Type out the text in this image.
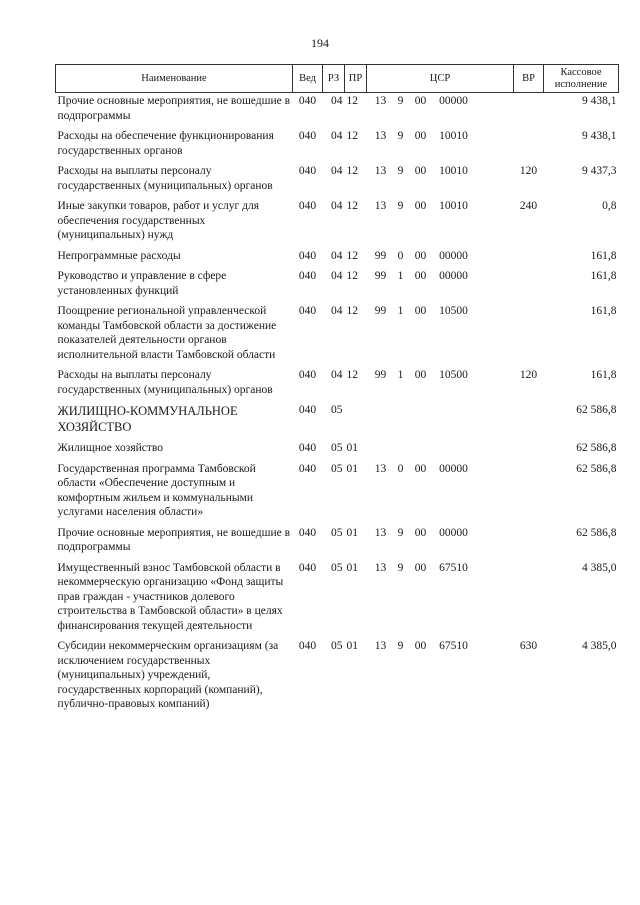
194
Наименование	Вед	РЗ	ПР	ЦСР	ВР	Кассовое исполнение
Прочие основные мероприятия, не вошедшие в подпрограммы	040	04	12	13 9 00 00000		9 438,1
Расходы на обеспечение функционирования государственных органов	040	04	12	13 9 00 10010		9 438,1
Расходы на выплаты персоналу государственных (муниципальных) органов	040	04	12	13 9 00 10010	120	9 437,3
Иные закупки товаров, работ и услуг для обеспечения государственных (муниципальных) нужд	040	04	12	13 9 00 10010	240	0,8
Непрограммные расходы	040	04	12	99 0 00 00000		161,8
Руководство и управление в сфере установленных функций	040	04	12	99 1 00 00000		161,8
Поощрение региональной управленческой команды Тамбовской области за достижение показателей деятельности органов исполнительной власти Тамбовской области	040	04	12	99 1 00 10500		161,8
Расходы на выплаты персоналу государственных (муниципальных) органов	040	04	12	99 1 00 10500	120	161,8
ЖИЛИЩНО-КОММУНАЛЬНОЕ ХОЗЯЙСТВО	040	05				62 586,8
Жилищное хозяйство	040	05	01			62 586,8
Государственная программа Тамбовской области «Обеспечение доступным и комфортным жильем и коммунальными услугами населения области»	040	05	01	13 0 00 00000		62 586,8
Прочие основные мероприятия, не вошедшие в подпрограммы	040	05	01	13 9 00 00000		62 586,8
Имущественный взнос Тамбовской области в некоммерческую организацию «Фонд защиты прав граждан - участников долевого строительства в Тамбовской области» в целях финансирования текущей деятельности	040	05	01	13 9 00 67510		4 385,0
Субсидии некоммерческим организациям (за исключением государственных (муниципальных) учреждений, государственных корпораций (компаний), публично-правовых компаний)	040	05	01	13 9 00 67510	630	4 385,0
